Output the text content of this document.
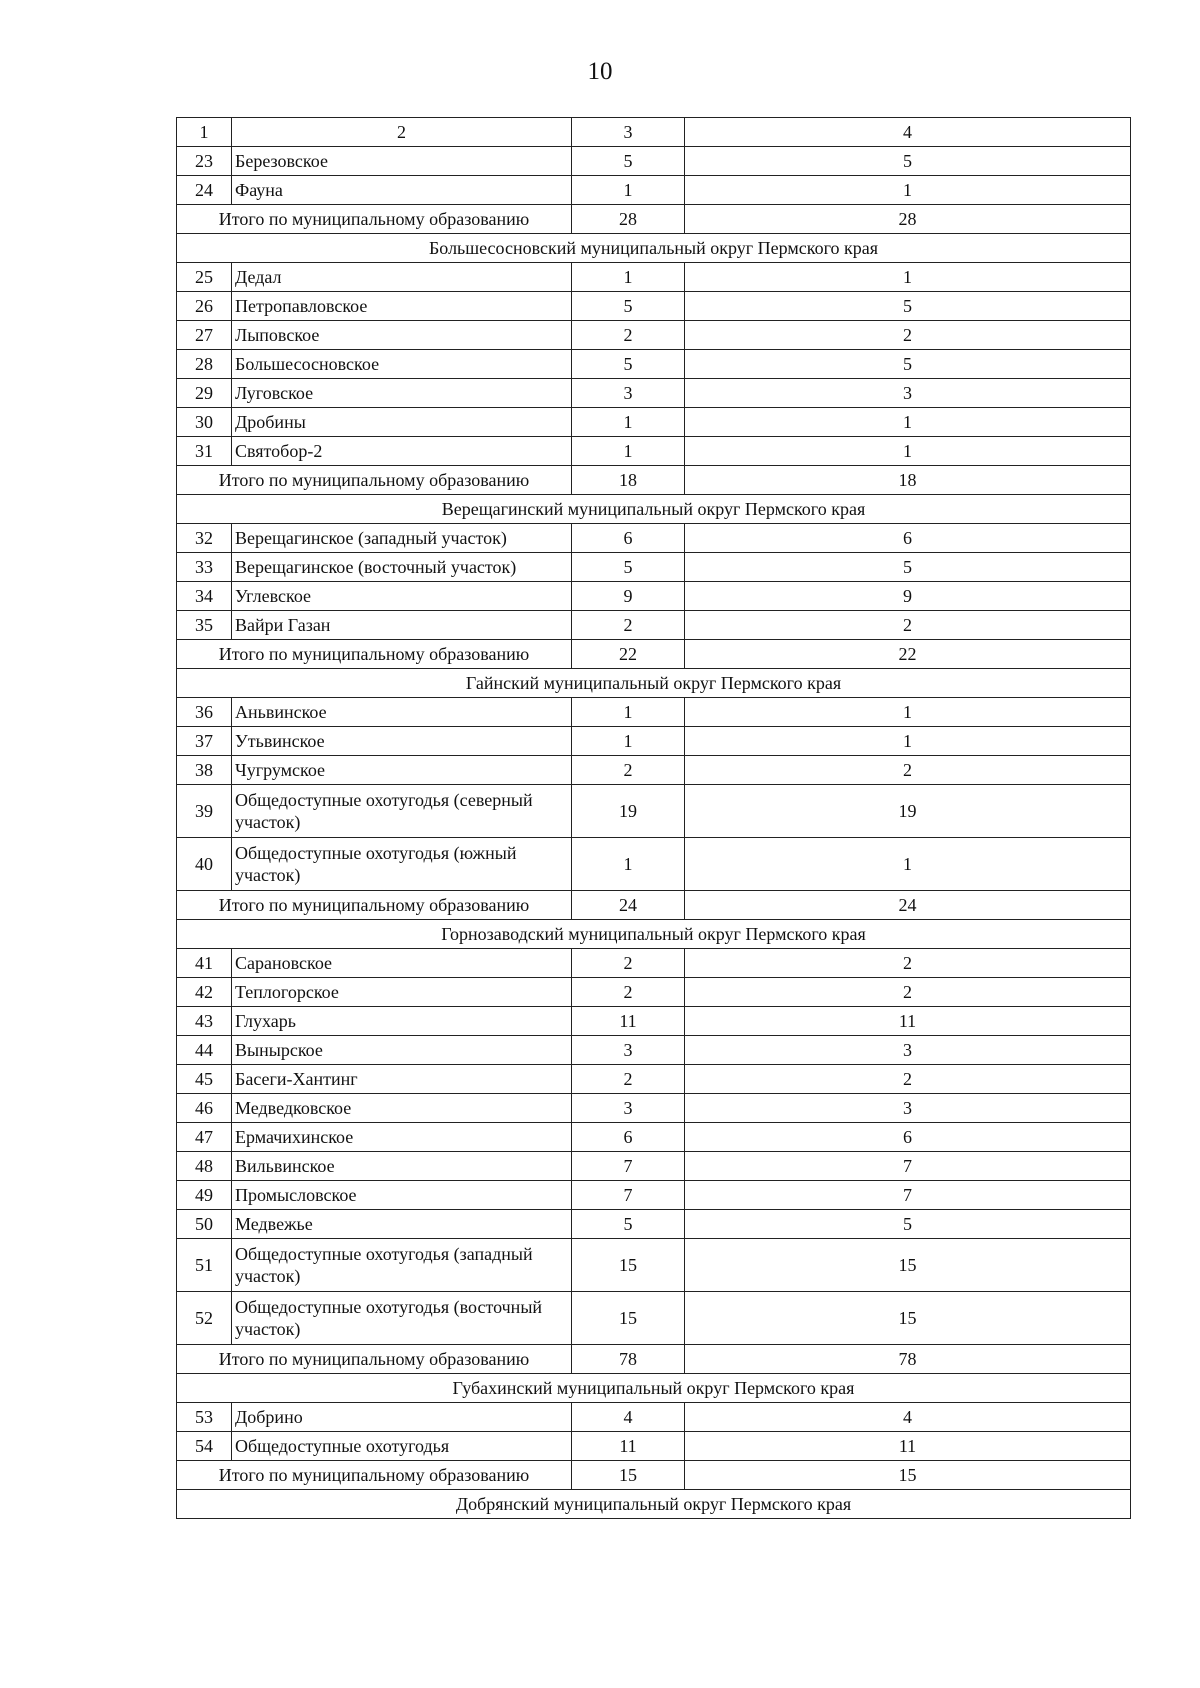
10
1	2	3	4
23	Березовское	5	5
24	Фауна	1	1
Итого по муниципальному образованию		28	28
Большесосновский муниципальный округ Пермского края			
25	Дедал	1	1
26	Петропавловское	5	5
27	Лыповское	2	2
28	Большесосновское	5	5
29	Луговское	3	3
30	Дробины	1	1
31	Святобор-2	1	1
Итого по муниципальному образованию		18	18
Верещагинский муниципальный округ Пермского края			
32	Верещагинское (западный участок)	6	6
33	Верещагинское (восточный участок)	5	5
34	Углевское	9	9
35	Вайри Газан	2	2
Итого по муниципальному образованию		22	22
Гайнский муниципальный округ Пермского края			
36	Аньвинское	1	1
37	Утьвинское	1	1
38	Чугрумское	2	2
39	Общедоступные охотугодья (северный участок)	19	19
40	Общедоступные охотугодья (южный участок)	1	1
Итого по муниципальному образованию		24	24
Горнозаводский муниципальный округ Пермского края			
41	Сарановское	2	2
42	Теплогорское	2	2
43	Глухарь	11	11
44	Вынырское	3	3
45	Басеги-Хантинг	2	2
46	Медведковское	3	3
47	Ермачихинское	6	6
48	Вильвинское	7	7
49	Промысловское	7	7
50	Медвежье	5	5
51	Общедоступные охотугодья (западный участок)	15	15
52	Общедоступные охотугодья (восточный участок)	15	15
Итого по муниципальному образованию		78	78
Губахинский муниципальный округ Пермского края			
53	Добрино	4	4
54	Общедоступные охотугодья	11	11
Итого по муниципальному образованию		15	15
Добрянский муниципальный округ Пермского края			
